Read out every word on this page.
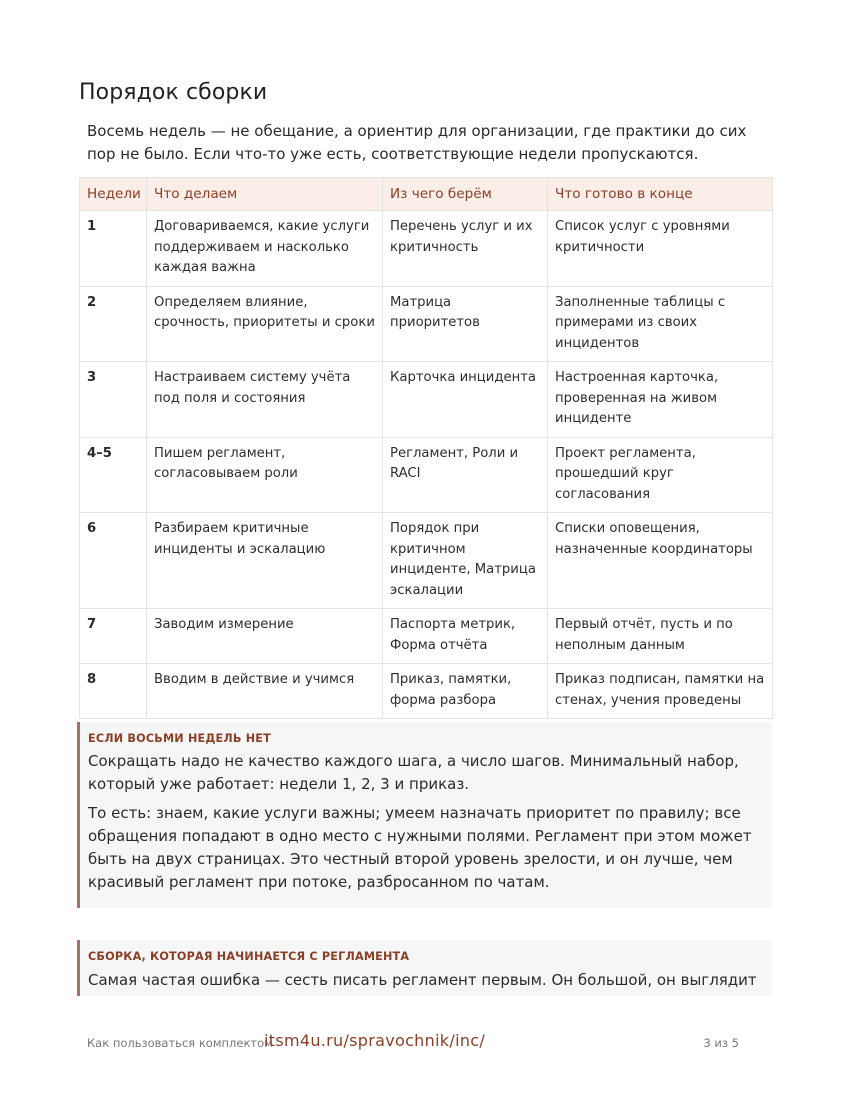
Порядок сборки

Восемь недель — не обещание, а ориентир для организации, где практики до сих пор не было. Если что-то уже есть, соответствующие недели пропускаются.

Недели	Что делаем	Из чего берём	Что готово в конце
1	Договариваемся, какие услуги поддерживаем и насколько каждая важна	Перечень услуг и их критичность	Список услуг с уровнями критичности
2	Определяем влияние, срочность, приоритеты и сроки	Матрица приоритетов	Заполненные таблицы с примерами из своих инцидентов
3	Настраиваем систему учёта под поля и состояния	Карточка инцидента	Настроенная карточка, проверенная на живом инциденте
4–5	Пишем регламент, согласовываем роли	Регламент, Роли и RACI	Проект регламента, прошедший круг согласования
6	Разбираем критичные инциденты и эскалацию	Порядок при критичном инциденте, Матрица эскалации	Списки оповещения, назначенные координаторы
7	Заводим измерение	Паспорта метрик, Форма отчёта	Первый отчёт, пусть и по неполным данным
8	Вводим в действие и учимся	Приказ, памятки, форма разбора	Приказ подписан, памятки на стенах, учения проведены
ЕСЛИ ВОСЬМИ НЕДЕЛЬ НЕТ

Сокращать надо не качество каждого шага, а число шагов. Минимальный набор, который уже работает: недели 1, 2, 3 и приказ.

То есть: знаем, какие услуги важны; умеем назначать приоритет по правилу; все обращения попадают в одно место с нужными полями. Регламент при этом может быть на двух страницах. Это честный второй уровень зрелости, и он лучше, чем красивый регламент при потоке, разбросанном по чатам.

СБОРКА, КОТОРАЯ НАЧИНАЕТСЯ С РЕГЛАМЕНТА

Самая частая ошибка — сесть писать регламент первым. Он большой, он выглядит

Как пользоваться комплектом
itsm4u.ru/spravochnik/inc/	3 из 5
